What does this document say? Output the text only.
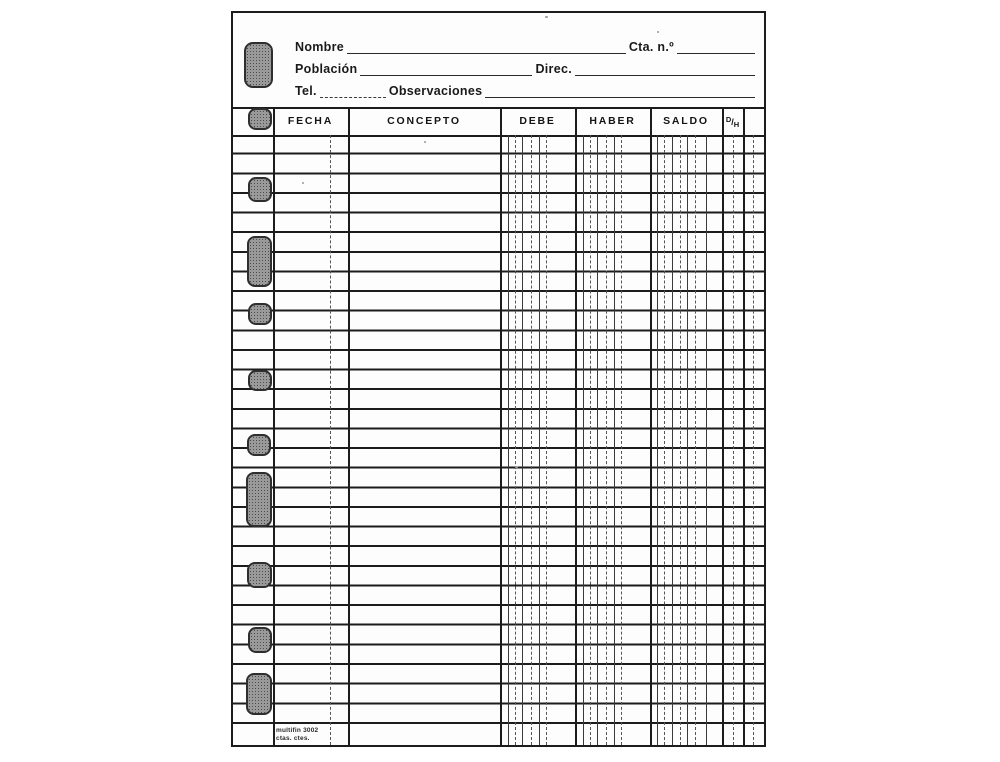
Nombre	Cta. n.º
Población	Direc.
Tel.	Observaciones
FECHA	CONCEPTO	DEBE	HABER	SALDO	D/H
multifin 3002
ctas. ctes.
